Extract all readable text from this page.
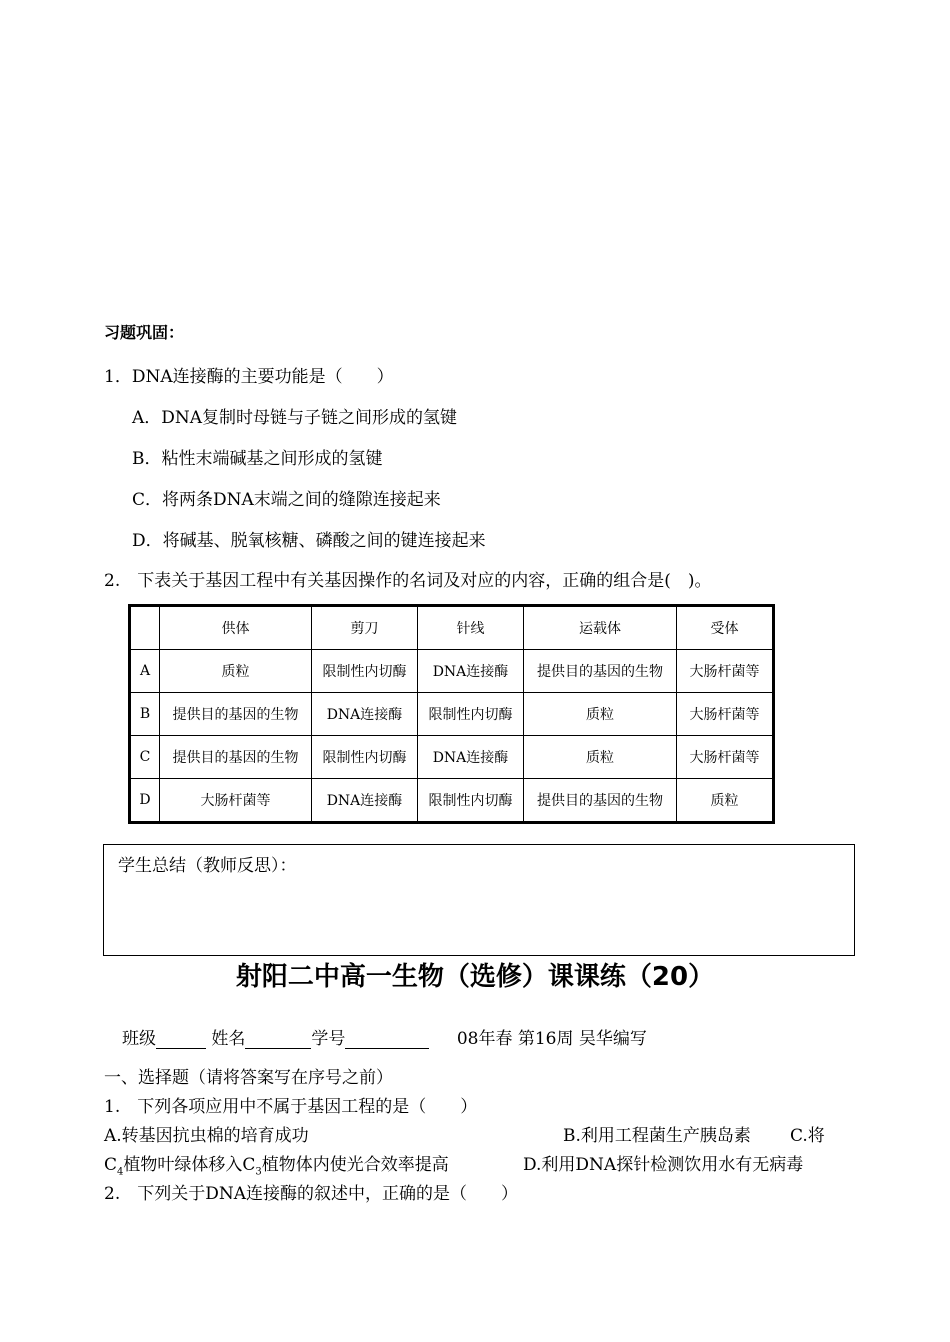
习题巩固：
1．DNA连接酶的主要功能是（　　）
A．DNA复制时母链与子链之间形成的氢键
B．粘性末端碱基之间形成的氢键
C．将两条DNA末端之间的缝隙连接起来
D．将碱基、脱氧核糖、磷酸之间的键连接起来
2.　下表关于基因工程中有关基因操作的名词及对应的内容，正确的组合是(　)。
	供体	剪刀	针线	运载体	受体
A	质粒	限制性内切酶	DNA连接酶	提供目的基因的生物	大肠杆菌等
B	提供目的基因的生物	DNA连接酶	限制性内切酶	质粒	大肠杆菌等
C	提供目的基因的生物	限制性内切酶	DNA连接酶	质粒	大肠杆菌等
D	大肠杆菌等	DNA连接酶	限制性内切酶	提供目的基因的生物	质粒
学生总结（教师反思）：
射阳二中高一生物（选修）课课练（20）
班级	姓名	学号	08年春 第16周 吴华编写
一、选择题（请将答案写在序号之前）
1.　下列各项应用中不属于基因工程的是（　　）
A.转基因抗虫棉的培育成功	B.利用工程菌生产胰岛素 C.将
$C_4$植物叶绿体移入$C_3$植物体内使光合效率提高	D.利用DNA探针检测饮用水有无病毒
2.　下列关于DNA连接酶的叙述中，正确的是（　　）
